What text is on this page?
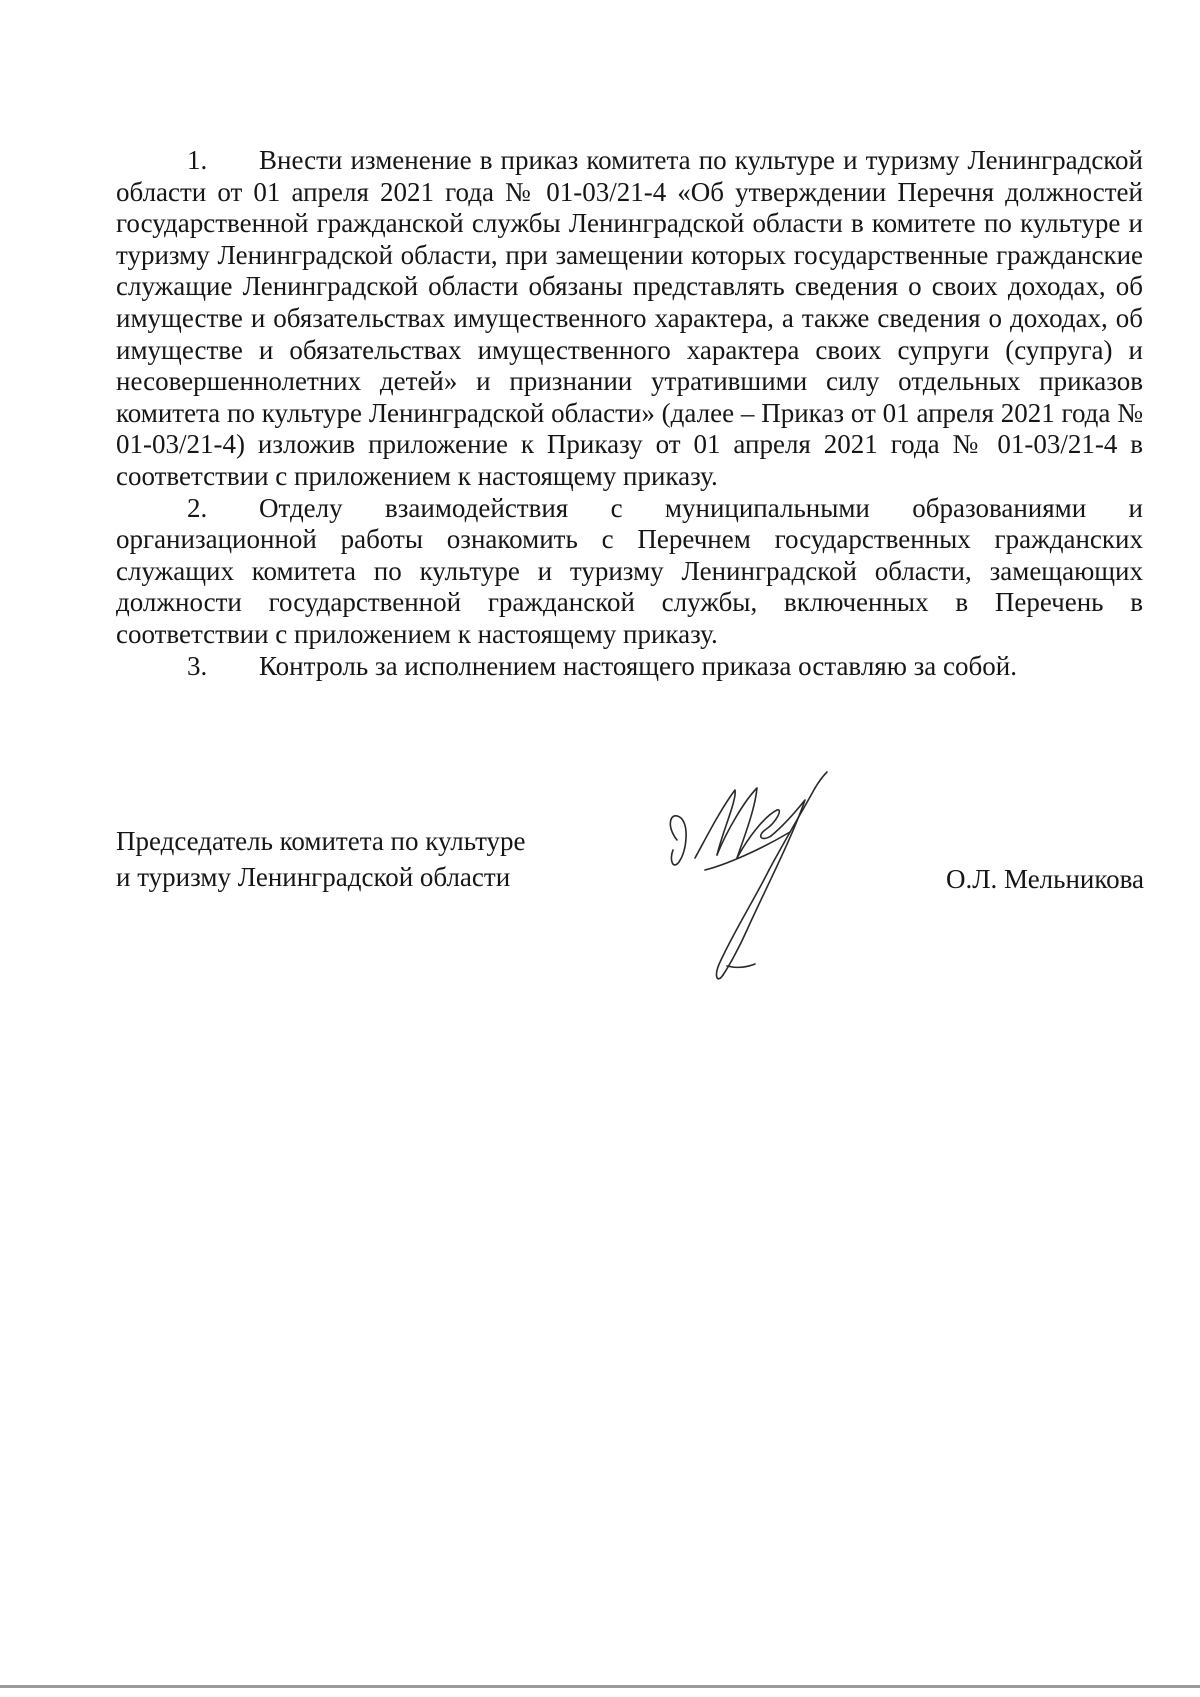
1. Внести изменение в приказ комитета по культуре и туризму Ленинградской области от 01 апреля 2021 года № 01-03/21-4 «Об утверждении Перечня должностей государственной гражданской службы Ленинградской области в комитете по культуре и туризму Ленинградской области, при замещении которых государственные гражданские служащие Ленинградской области обязаны представлять сведения о своих доходах, об имуществе и обязательствах имущественного характера, а также сведения о доходах, об имуществе и обязательствах имущественного характера своих супруги (супруга) и несовершеннолетних детей» и признании утратившими силу отдельных приказов комитета по культуре Ленинградской области» (далее – Приказ от 01 апреля 2021 года № 01-03/21-4) изложив приложение к Приказу от 01 апреля 2021 года № 01-03/21-4 в соответствии с приложением к настоящему приказу.

2. Отделу взаимодействия с муниципальными образованиями и организационной работы ознакомить с Перечнем государственных гражданских служащих комитета по культуре и туризму Ленинградской области, замещающих должности государственной гражданской службы, включенных в Перечень в соответствии с приложением к настоящему приказу.

3. Контроль за исполнением настоящего приказа оставляю за собой.

Председатель комитета по культуре
и туризму Ленинградской области	О.Л. Мельникова
